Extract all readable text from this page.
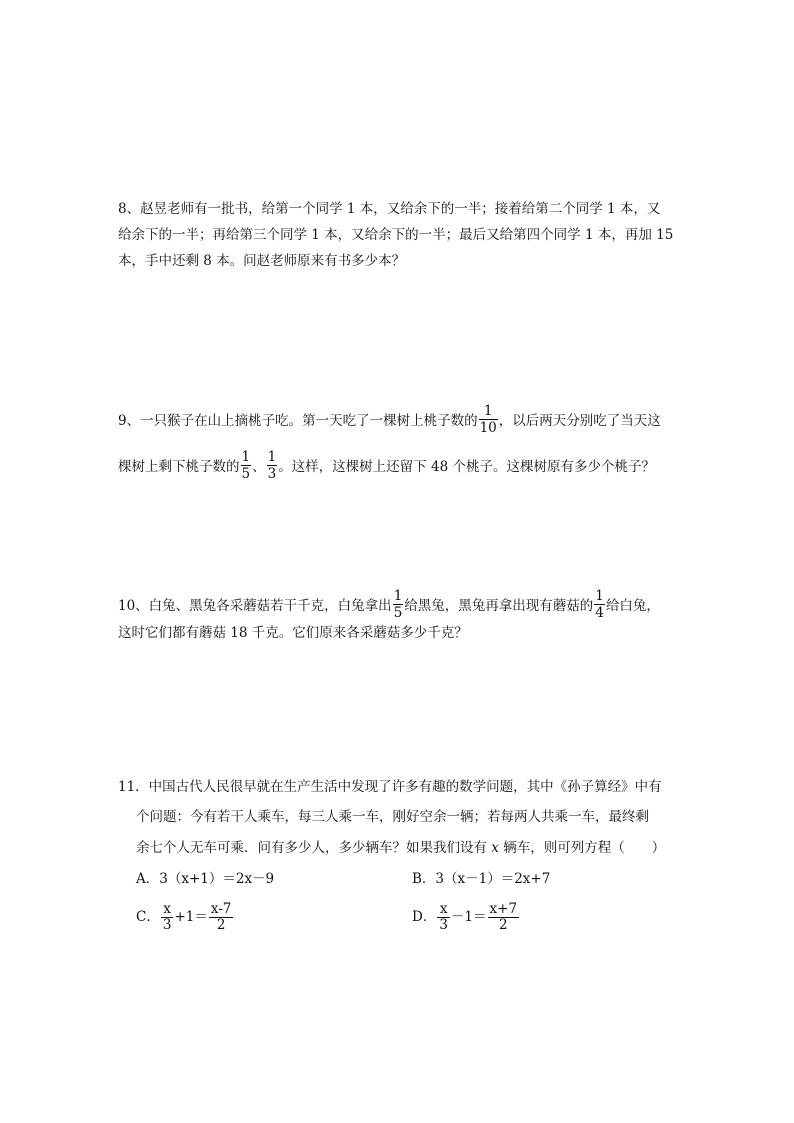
8、赵昱老师有一批书，给第一个同学 1 本，又给余下的一半；接着给第二个同学 1 本，又
给余下的一半；再给第三个同学 1 本，又给余下的一半；最后又给第四个同学 1 本，再加 15
本，手中还剩 8 本。问赵老师原来有书多少本？
9、一只猴子在山上摘桃子吃。第一天吃了一棵树上桃子数的 $\frac{1}{10}$ ，以后两天分别吃了当天这
棵树上剩下桃子数的 $\frac{1}{5}$ 、 $\frac{1}{3}$ 。这样，这棵树上还留下 48 个桃子。这棵树原有多少个桃子？
10、白兔、黑兔各采蘑菇若干千克，白兔拿出 $\frac{1}{5}$ 给黑兔，黑兔再拿出现有蘑菇的 $\frac{1}{4}$ 给白兔，
这时它们都有蘑菇 18 千克。它们原来各采蘑菇多少千克？
11．中国古代人民很早就在生产生活中发现了许多有趣的数学问题，其中《孙子算经》中有
个问题：今有若干人乘车，每三人乘一车，刚好空余一辆；若每两人共乘一车，最终剩
余七个人无车可乘．问有多少人，多少辆车？如果我们设有 x 辆车，则可列方程（　　）
A．3（x+1）＝2x－9	B．3（x－1）＝2x+7
C． $\frac{x}{3} +1= \frac{x-7}{2}$	D． $\frac{x}{3} -1= \frac{x+7}{2}$
